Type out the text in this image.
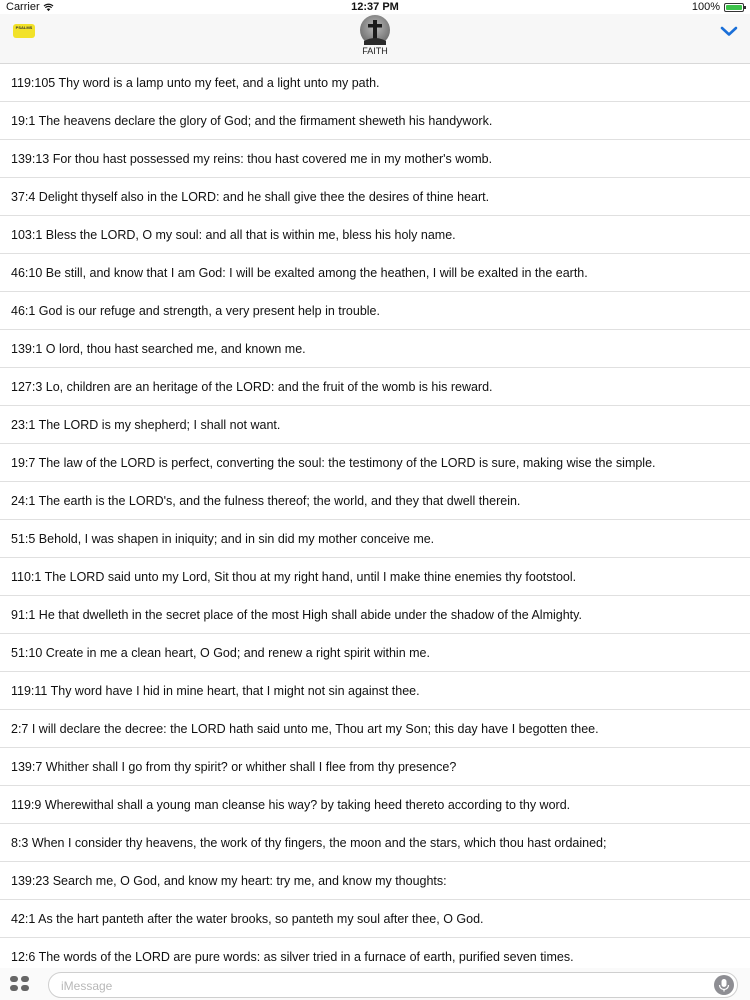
Carrier	12:37 PM	100%
PSALMS
FAITH
119:105 Thy word is a lamp unto my feet, and a light unto my path.
19:1 The heavens declare the glory of God; and the firmament sheweth his handywork.
139:13 For thou hast possessed my reins: thou hast covered me in my mother's womb.
37:4 Delight thyself also in the LORD: and he shall give thee the desires of thine heart.
103:1 Bless the LORD, O my soul: and all that is within me, bless his holy name.
46:10 Be still, and know that I am God: I will be exalted among the heathen, I will be exalted in the earth.
46:1 God is our refuge and strength, a very present help in trouble.
139:1 O lord, thou hast searched me, and known me.
127:3 Lo, children are an heritage of the LORD: and the fruit of the womb is his reward.
23:1 The LORD is my shepherd; I shall not want.
19:7 The law of the LORD is perfect, converting the soul: the testimony of the LORD is sure, making wise the simple.
24:1 The earth is the LORD's, and the fulness thereof; the world, and they that dwell therein.
51:5 Behold, I was shapen in iniquity; and in sin did my mother conceive me.
110:1 The LORD said unto my Lord, Sit thou at my right hand, until I make thine enemies thy footstool.
91:1 He that dwelleth in the secret place of the most High shall abide under the shadow of the Almighty.
51:10 Create in me a clean heart, O God; and renew a right spirit within me.
119:11 Thy word have I hid in mine heart, that I might not sin against thee.
2:7 I will declare the decree: the LORD hath said unto me, Thou art my Son; this day have I begotten thee.
139:7 Whither shall I go from thy spirit? or whither shall I flee from thy presence?
119:9 Wherewithal shall a young man cleanse his way? by taking heed thereto according to thy word.
8:3 When I consider thy heavens, the work of thy fingers, the moon and the stars, which thou hast ordained;
139:23 Search me, O God, and know my heart: try me, and know my thoughts:
42:1 As the hart panteth after the water brooks, so panteth my soul after thee, O God.
12:6 The words of the LORD are pure words: as silver tried in a furnace of earth, purified seven times.
iMessage
